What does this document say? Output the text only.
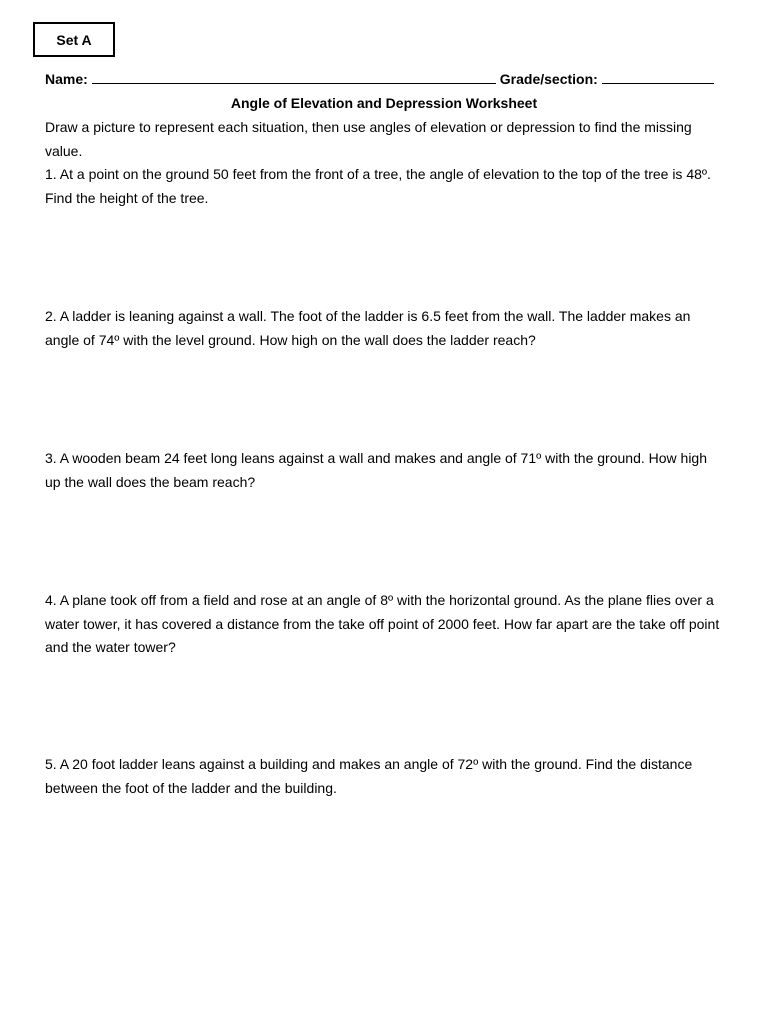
Set A
Name:	Grade/section:
Angle of Elevation and Depression Worksheet
Draw a picture to represent each situation, then use angles of elevation or depression to find the missing value.
1. At a point on the ground 50 feet from the front of a tree, the angle of elevation to the top of the tree is 48º. Find the height of the tree.
2. A ladder is leaning against a wall. The foot of the ladder is 6.5 feet from the wall. The ladder makes an angle of 74º with the level ground. How high on the wall does the ladder reach?
3. A wooden beam 24 feet long leans against a wall and makes and angle of 71º with the ground. How high up the wall does the beam reach?
4. A plane took off from a field and rose at an angle of 8º with the horizontal ground. As the plane flies over a water tower, it has covered a distance from the take off point of 2000 feet. How far apart are the take off point and the water tower?
5. A 20 foot ladder leans against a building and makes an angle of 72º with the ground. Find the distance between the foot of the ladder and the building.
